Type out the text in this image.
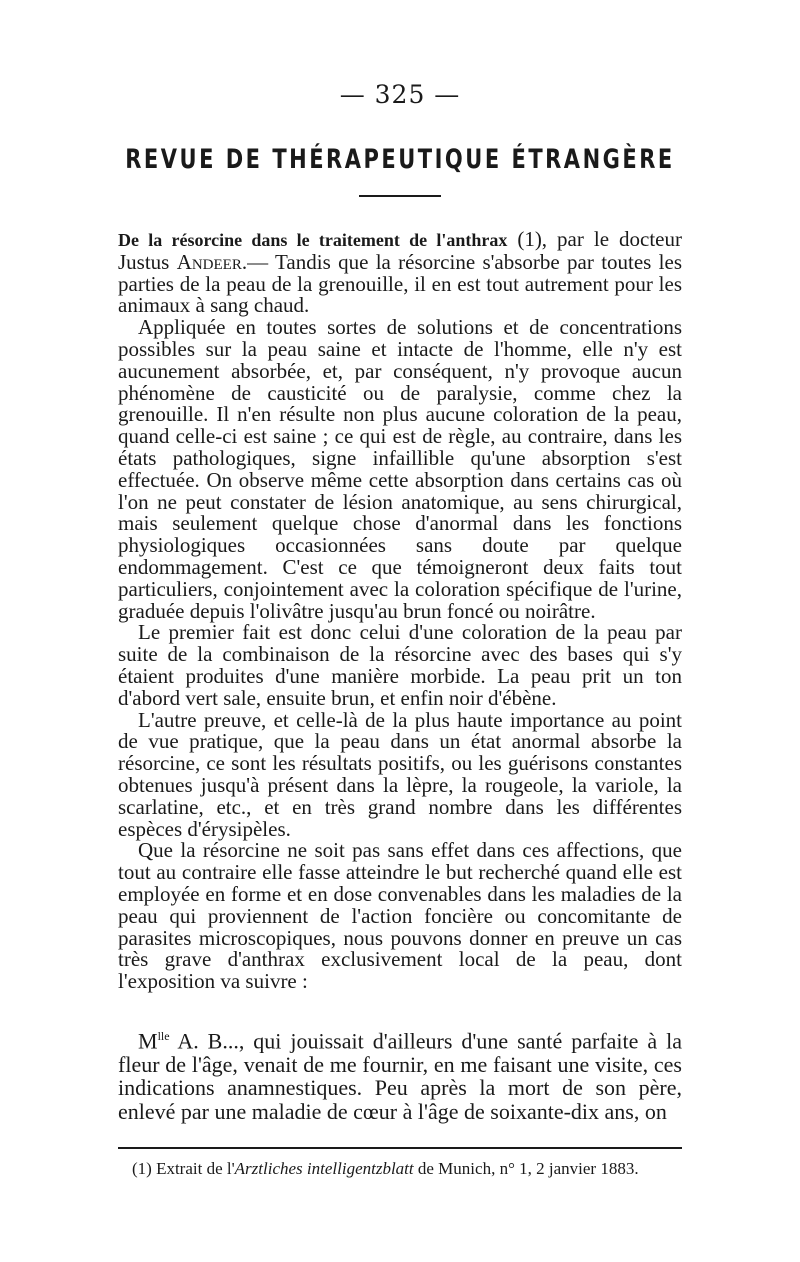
— 325 —
REVUE DE THÉRAPEUTIQUE ÉTRANGÈRE

De la résorcine dans le traitement de l'anthrax (1), par le docteur Justus Andeer.— Tandis que la résorcine s'absorbe par toutes les parties de la peau de la grenouille, il en est tout autrement pour les animaux à sang chaud.

Appliquée en toutes sortes de solutions et de concentrations possibles sur la peau saine et intacte de l'homme, elle n'y est aucunement absorbée, et, par conséquent, n'y provoque aucun phénomène de causticité ou de paralysie, comme chez la grenouille. Il n'en résulte non plus aucune coloration de la peau, quand celle-ci est saine ; ce qui est de règle, au contraire, dans les états pathologiques, signe infaillible qu'une absorption s'est effectuée. On observe même cette absorption dans certains cas où l'on ne peut constater de lésion anatomique, au sens chirurgical, mais seulement quelque chose d'anormal dans les fonctions physiologiques occasionnées sans doute par quelque endommagement. C'est ce que témoigneront deux faits tout particuliers, conjointement avec la coloration spécifique de l'urine, graduée depuis l'olivâtre jusqu'au brun foncé ou noirâtre.

Le premier fait est donc celui d'une coloration de la peau par suite de la combinaison de la résorcine avec des bases qui s'y étaient produites d'une manière morbide. La peau prit un ton d'abord vert sale, ensuite brun, et enfin noir d'ébène.

L'autre preuve, et celle-là de la plus haute importance au point de vue pratique, que la peau dans un état anormal absorbe la résorcine, ce sont les résultats positifs, ou les guérisons constantes obtenues jusqu'à présent dans la lèpre, la rougeole, la variole, la scarlatine, etc., et en très grand nombre dans les différentes espèces d'érysipèles.

Que la résorcine ne soit pas sans effet dans ces affections, que tout au contraire elle fasse atteindre le but recherché quand elle est employée en forme et en dose convenables dans les maladies de la peau qui proviennent de l'action foncière ou concomitante de parasites microscopiques, nous pouvons donner en preuve un cas très grave d'anthrax exclusivement local de la peau, dont l'exposition va suivre :

$M^{lle}$ A. B..., qui jouissait d'ailleurs d'une santé parfaite à la fleur de l'âge, venait de me fournir, en me faisant une visite, ces indications anamnestiques. Peu après la mort de son père, enlevé par une maladie de cœur à l'âge de soixante-dix ans, on

(1) Extrait de l'Arztliches intelligentzblatt de Munich, n° 1, 2 janvier 1883.
